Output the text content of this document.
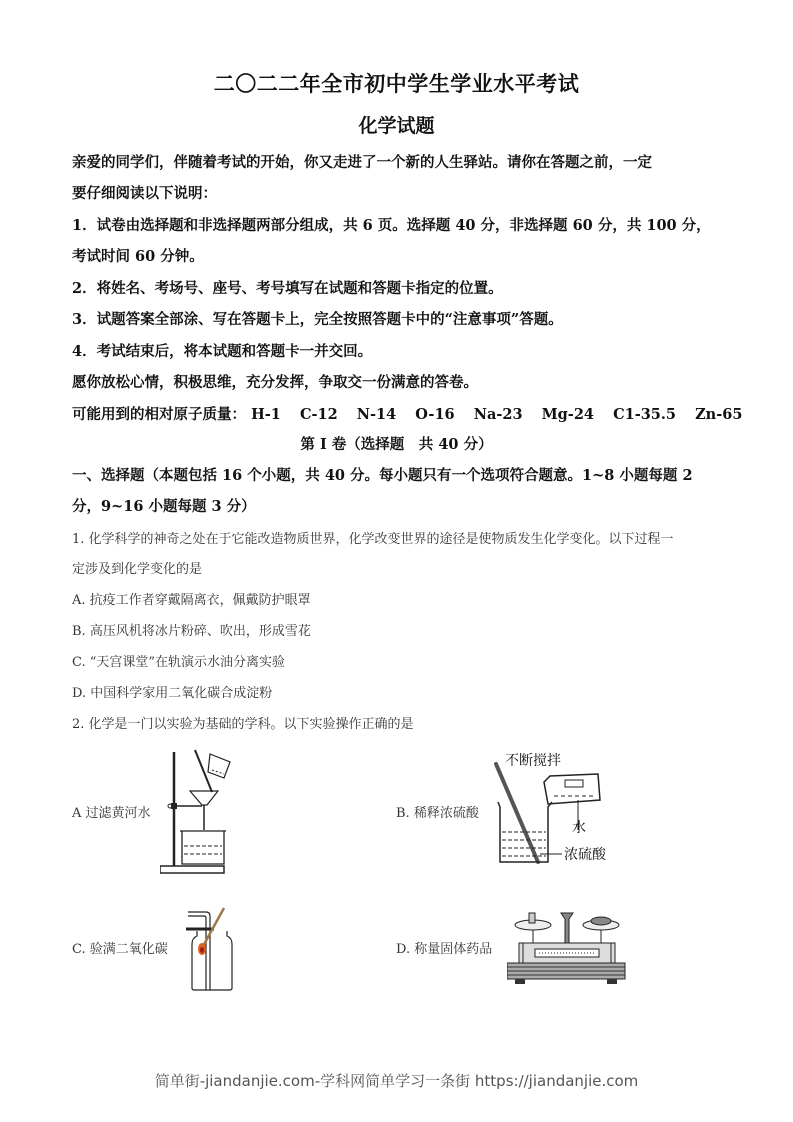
二〇二二年全市初中学生学业水平考试
化学试题
亲爱的同学们，伴随着考试的开始，你又走进了一个新的人生驿站。请你在答题之前，一定
要仔细阅读以下说明：
1．试卷由选择题和非选择题两部分组成，共 6 页。选择题 40 分，非选择题 60 分，共 100 分，
考试时间 60 分钟。
2．将姓名、考场号、座号、考号填写在试题和答题卡指定的位置。
3．试题答案全部涂、写在答题卡上，完全按照答题卡中的“注意事项”答题。
4．考试结束后，将本试题和答题卡一并交回。
愿你放松心情，积极思维，充分发挥，争取交一份满意的答卷。
可能用到的相对原子质量： H-1 C-12 N-14 O-16 Na-23 Mg-24 C1-35.5 Zn-65
第 I 卷（选择题　共 40 分）
一、选择题（本题包括 16 个小题，共 40 分。每小题只有一个选项符合题意。1~8 小题每题 2
分，9~16 小题每题 3 分）
1. 化学科学的神奇之处在于它能改造物质世界，化学改变世界的途径是使物质发生化学变化。以下过程一
定涉及到化学变化的是
A. 抗疫工作者穿戴隔离衣，佩戴防护眼罩
B. 高压风机将冰片粉碎、吹出，形成雪花
C. “天宫课堂”在轨演示水油分离实验
D. 中国科学家用二氧化碳合成淀粉
2. 化学是一门以实验为基础的学科。以下实验操作正确的是
A 过滤黄河水	B. 稀释浓硫酸
不断搅拌
水
浓硫酸
C. 验满二氧化碳	D. 称量固体药品
简单街-jiandanjie.com-学科网简单学习一条街 https://jiandanjie.com
